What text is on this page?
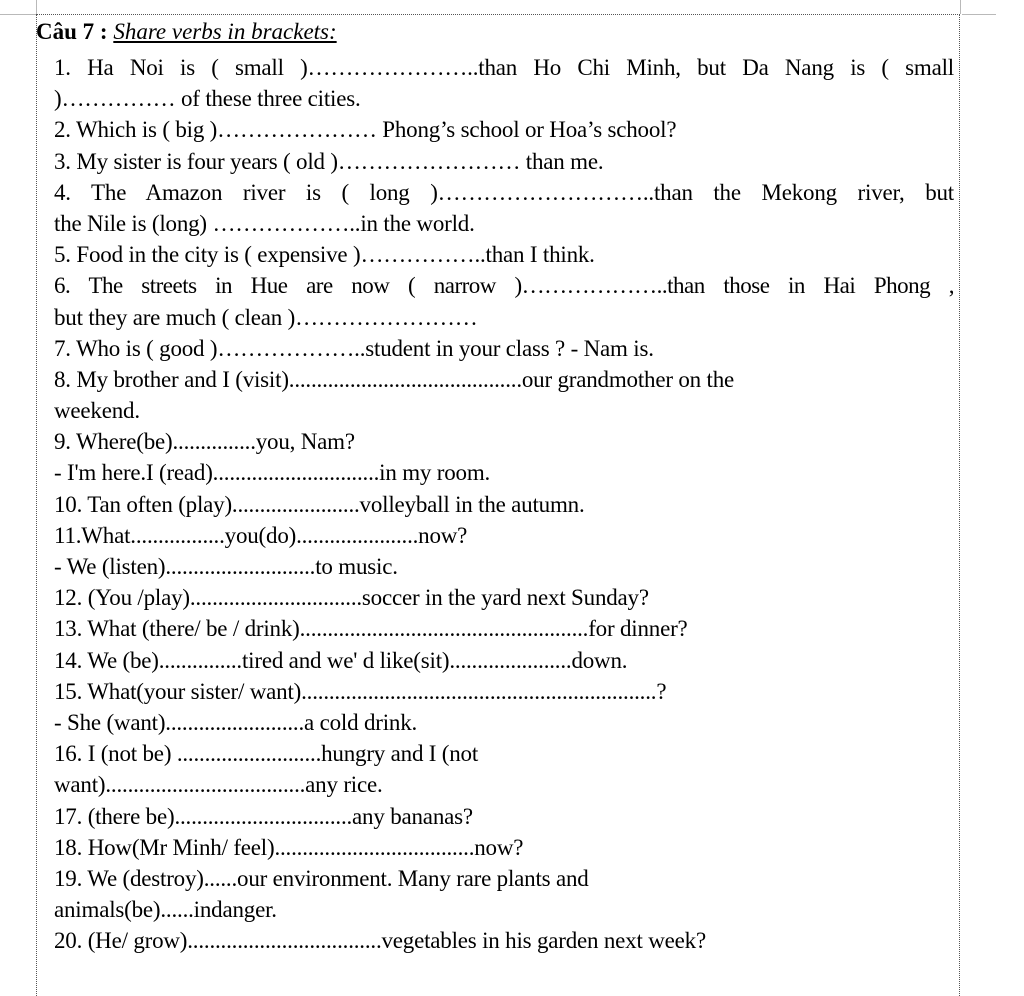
Câu 7 : Share verbs in brackets:
1. Ha Noi is ( small )…………………..than Ho Chi Minh, but Da Nang is ( small
)…………… of these three cities.
2. Which is ( big )………………… Phong’s school or Hoa’s school?
3. My sister is four years ( old )…………………… than me.
4. The Amazon river is ( long )………………………..than the Mekong river, but
the Nile is (long) ………………..in the world.
5. Food in the city is ( expensive )……………..than I think.
6. The streets in Hue are now ( narrow )………………..than those in Hai Phong ,
but they are much ( clean )……………………
7. Who is ( good )………………..student in your class ? - Nam is.
8. My brother and I (visit)..........................................our grandmother on the
weekend.
9. Where(be)...............you, Nam?
- I'm here.I (read)..............................in my room.
10. Tan often (play).......................volleyball in the autumn.
11.What.................you(do)......................now?
- We (listen)...........................to music.
12. (You /play)...............................soccer in the yard next Sunday?
13. What (there/ be / drink)....................................................for dinner?
14. We (be)...............tired and we' d like(sit)......................down.
15. What(your sister/ want)................................................................?
- She (want).........................a cold drink.
16. I (not be) ..........................hungry and I (not
want)....................................any rice.
17. (there be)................................any bananas?
18. How(Mr Minh/ feel)....................................now?
19. We (destroy)......our environment. Many rare plants and
animals(be)......indanger.
20. (He/ grow)...................................vegetables in his garden next week?
